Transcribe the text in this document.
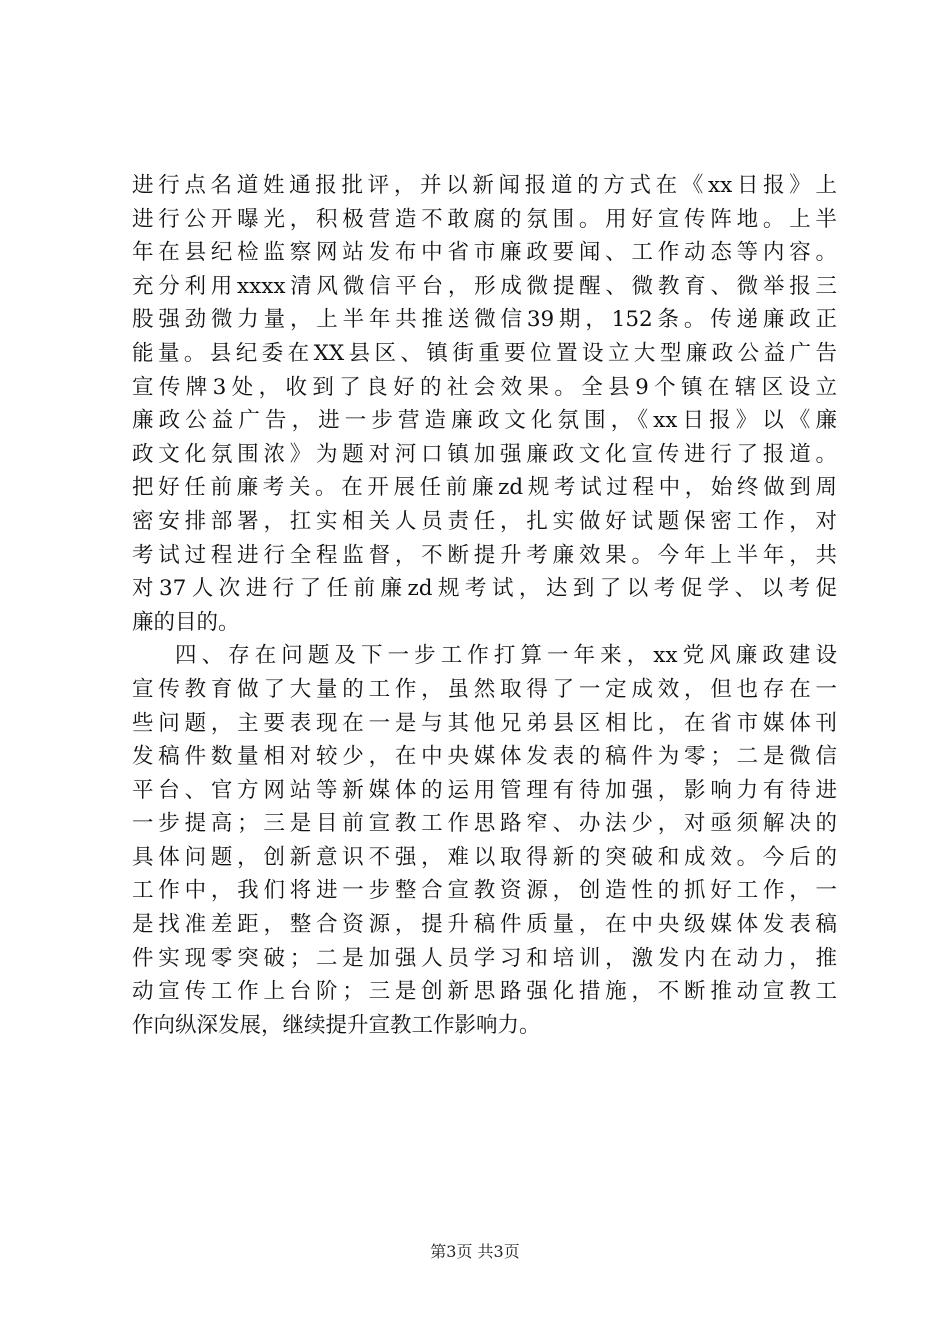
进行点名道姓通报批评，并以新闻报道的方式在《xx日报》上
进行公开曝光，积极营造不敢腐的氛围。用好宣传阵地。上半
年在县纪检监察网站发布中省市廉政要闻、工作动态等内容。
充分利用xxxx清风微信平台，形成微提醒、微教育、微举报三
股强劲微力量，上半年共推送微信39期，152条。传递廉政正
能量。县纪委在XX县区、镇街重要位置设立大型廉政公益广告
宣传牌3处，收到了良好的社会效果。全县9个镇在辖区设立
廉政公益广告，进一步营造廉政文化氛围，《xx日报》以《廉
政文化氛围浓》为题对河口镇加强廉政文化宣传进行了报道。
把好任前廉考关。在开展任前廉zd规考试过程中，始终做到周
密安排部署，扛实相关人员责任，扎实做好试题保密工作，对
考试过程进行全程监督，不断提升考廉效果。今年上半年，共
对37人次进行了任前廉zd规考试，达到了以考促学、以考促
廉的目的。
四、存在问题及下一步工作打算一年来，xx党风廉政建设
宣传教育做了大量的工作，虽然取得了一定成效，但也存在一
些问题，主要表现在一是与其他兄弟县区相比，在省市媒体刊
发稿件数量相对较少，在中央媒体发表的稿件为零；二是微信
平台、官方网站等新媒体的运用管理有待加强，影响力有待进
一步提高；三是目前宣教工作思路窄、办法少，对亟须解决的
具体问题，创新意识不强，难以取得新的突破和成效。今后的
工作中，我们将进一步整合宣教资源，创造性的抓好工作，一
是找准差距，整合资源，提升稿件质量，在中央级媒体发表稿
件实现零突破；二是加强人员学习和培训，激发内在动力，推
动宣传工作上台阶；三是创新思路强化措施，不断推动宣教工
作向纵深发展，继续提升宣教工作影响力。
第3页 共3页
